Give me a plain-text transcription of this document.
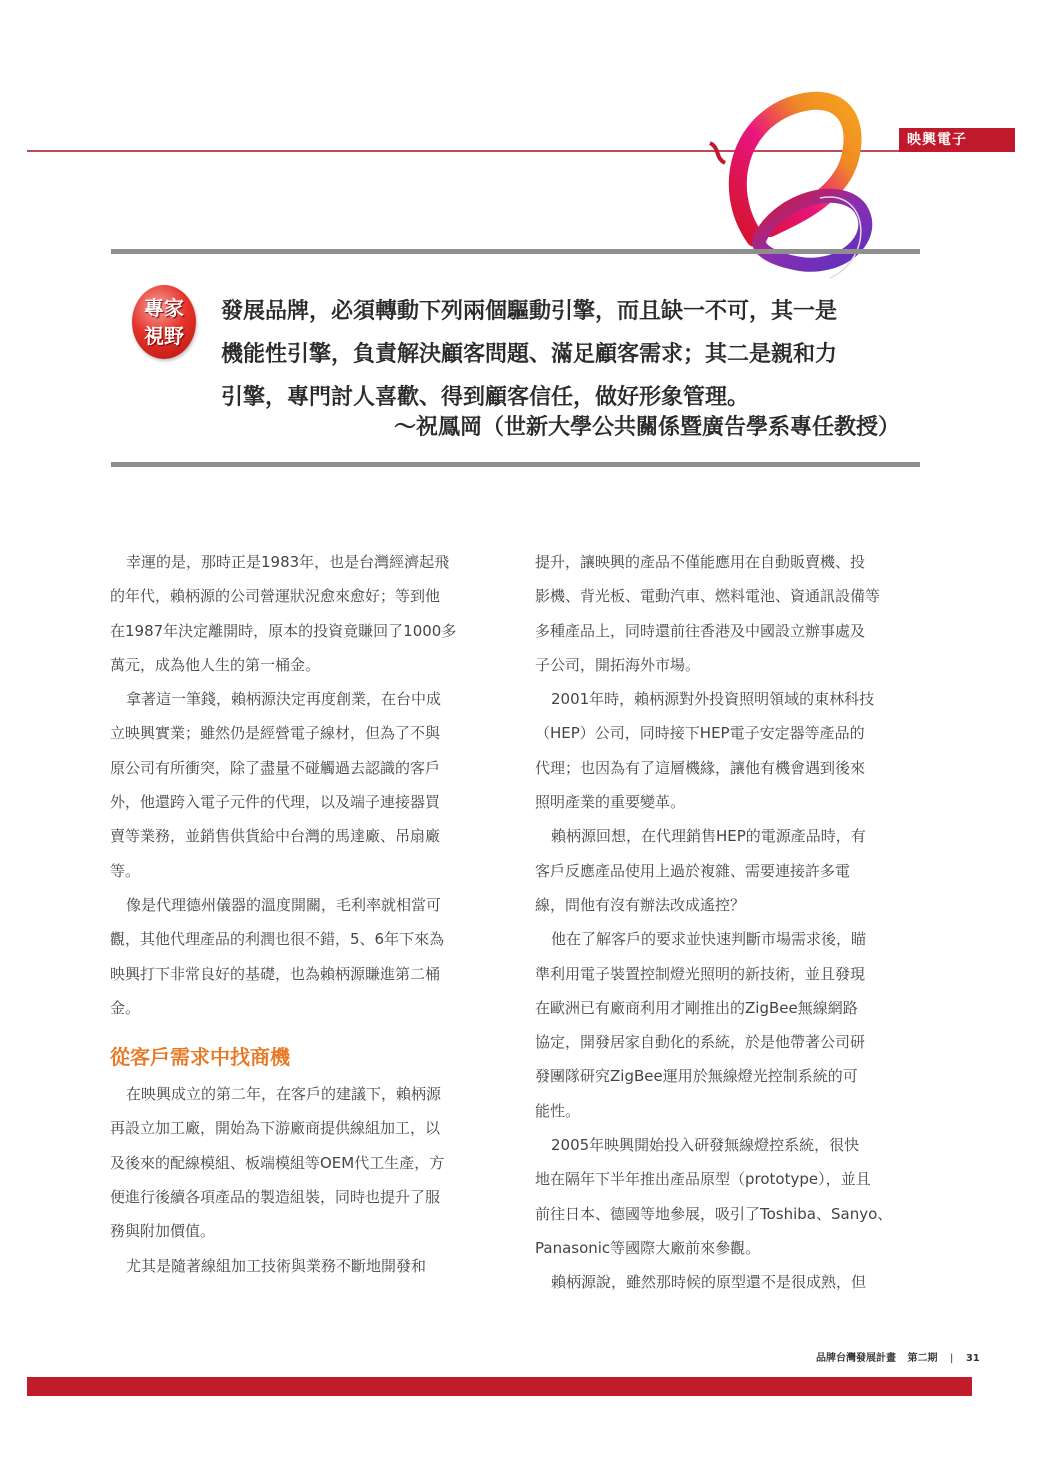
映興電子
專家
視野
發展品牌，必須轉動下列兩個驅動引擎，而且缺一不可，其一是
機能性引擎，負責解決顧客問題、滿足顧客需求；其二是親和力
引擎，專門討人喜歡、得到顧客信任，做好形象管理。
～祝鳳岡（世新大學公共關係暨廣告學系專任教授）
幸運的是，那時正是1983年，也是台灣經濟起飛
的年代，賴柄源的公司營運狀況愈來愈好；等到他
在1987年決定離開時，原本的投資竟賺回了1000多
萬元，成為他人生的第一桶金。
拿著這一筆錢，賴柄源決定再度創業，在台中成
立映興實業；雖然仍是經營電子線材，但為了不與
原公司有所衝突，除了盡量不碰觸過去認識的客戶
外，他還跨入電子元件的代理，以及端子連接器買
賣等業務，並銷售供貨給中台灣的馬達廠、吊扇廠
等。
像是代理德州儀器的溫度開關，毛利率就相當可
觀，其他代理產品的利潤也很不錯，5、6年下來為
映興打下非常良好的基礎，也為賴柄源賺進第二桶
金。
從客戶需求中找商機
在映興成立的第二年，在客戶的建議下，賴柄源
再設立加工廠，開始為下游廠商提供線組加工，以
及後來的配線模組、板端模組等OEM代工生產，方
便進行後續各項產品的製造組裝，同時也提升了服
務與附加價值。
尤其是隨著線組加工技術與業務不斷地開發和
提升，讓映興的產品不僅能應用在自動販賣機、投
影機、背光板、電動汽車、燃料電池、資通訊設備等
多種產品上，同時還前往香港及中國設立辦事處及
子公司，開拓海外市場。
2001年時，賴柄源對外投資照明領域的東林科技
（HEP）公司，同時接下HEP電子安定器等產品的
代理；也因為有了這層機緣，讓他有機會遇到後來
照明產業的重要變革。
賴柄源回想，在代理銷售HEP的電源產品時，有
客戶反應產品使用上過於複雜、需要連接許多電
線，問他有沒有辦法改成遙控？
他在了解客戶的要求並快速判斷市場需求後，瞄
準利用電子裝置控制燈光照明的新技術，並且發現
在歐洲已有廠商利用才剛推出的ZigBee無線網路
協定，開發居家自動化的系統，於是他帶著公司研
發團隊研究ZigBee運用於無線燈光控制系統的可
能性。
2005年映興開始投入研發無線燈控系統，很快
地在隔年下半年推出產品原型（prototype），並且
前往日本、德國等地參展，吸引了Toshiba、Sanyo、
Panasonic等國際大廠前來參觀。
賴柄源說，雖然那時候的原型還不是很成熟，但
品牌台灣發展計畫 第二期 | 31
